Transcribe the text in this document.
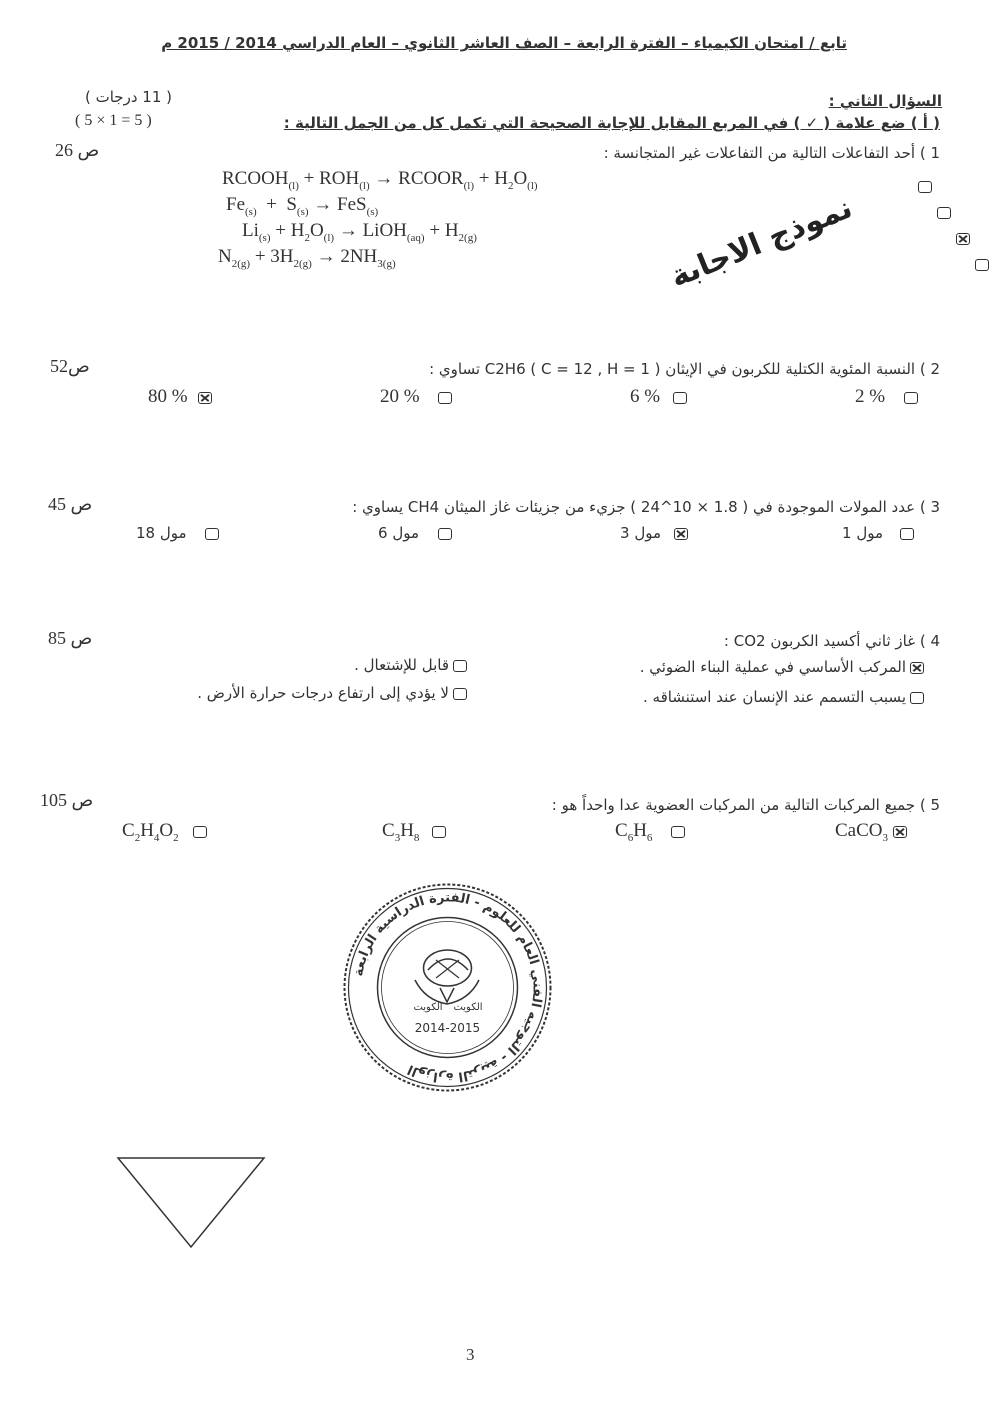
تابع / امتحان الكيمياء – الفترة الرابعة – الصف العاشر الثانوي – العام الدراسي 2014 / 2015 م
السؤال الثاني :
( 11 درجات )
( أ ) ضع علامة ( ✓ ) في المربع المقابل للإجابة الصحيحة التي تكمل كل من الجمل التالية :
( 5 × 1 = 5 )
1 ) أحد التفاعلات التالية من التفاعلات غير المتجانسة :
ص 26
$RCOOH_{(l)} + ROH_{(l)}$ → $RCOOR_{(l)} + H_2O_{(l)}$
$Fe_{(s)} + S_{(s)} \to FeS_{(s)}$
$Li_{(s)} + H_2O_{(l)}$ → LiOH$_{(aq)}$ + $H_{2(g)}$
$N_{2(g)} + 3H_{2(g)} \to 2NH_{3(g)}$
	نموذج الاجابة
2 ) النسبة المئوية الكتلية للكربون في الإيثان C2H6 ( C = 12 , H = 1 ) تساوي :
ص52
2 %
6 %
20 %
80 %
3 ) عدد المولات الموجودة في ( 1.8 × 10^24 ) جزيء من جزيئات غاز الميثان CH4 يساوي :
ص 45
1 مول
3 مول
6 مول
18 مول
4 ) غاز ثاني أكسيد الكربون CO2 :
ص 85
المركب الأساسي في عملية البناء الضوئي .
قابل للإشتعال .
يسبب التسمم عند الإنسان عند استنشاقه .
لا يؤدي إلى ارتفاع درجات حرارة الأرض .
5 ) جميع المركبات التالية من المركبات العضوية عدا واحداً هو :
ص 105
CaCO$_3$
$C_6H_6$
$C_3H_8$
$C_2H_4O_2$
الوزارة التربية - التوجيه الفني العام للعلوم - الفترة الدراسية الرابعة
الكويت الكويت
2014-2015
3
